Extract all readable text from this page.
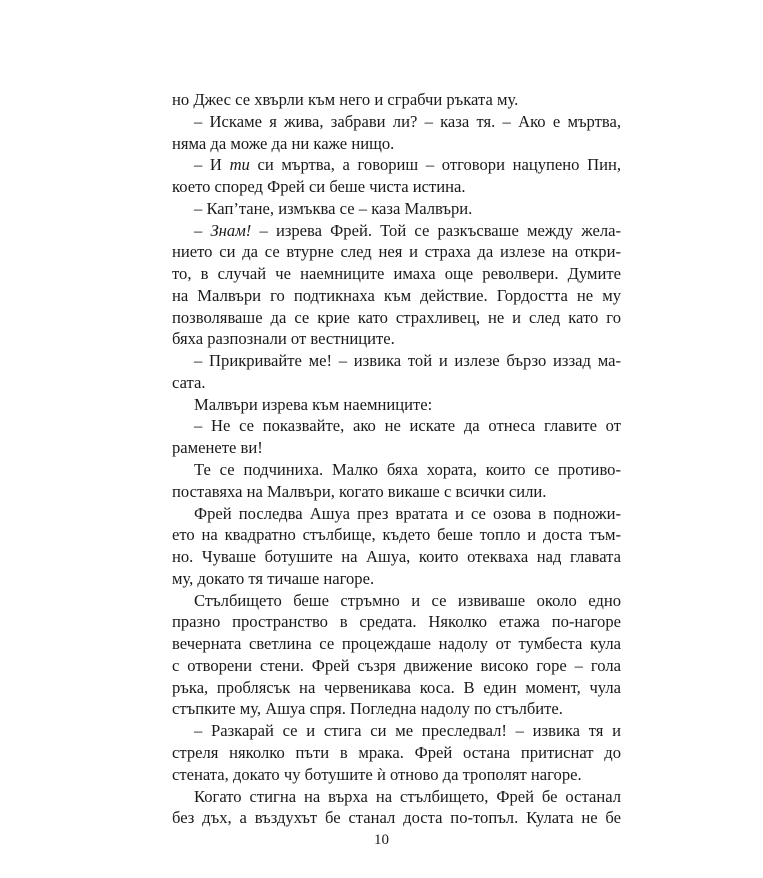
но Джес се хвърли към него и сграбчи ръката му.
– Искаме я жива, забрави ли? – каза тя. – Ако е мъртва,
няма да може да ни каже нищо.
– И ти си мъртва, а говориш – отговори нацупено Пин,
което според Фрей си беше чиста истина.
– Кап’тане, измъква се – каза Малвъри.
– Знам! – изрева Фрей. Той се разкъсваше между жела-
нието си да се втурне след нея и страха да излезе на откри-
то, в случай че наемниците имаха още револвери. Думите
на Малвъри го подтикнаха към действие. Гордостта не му
позволяваше да се крие като страхливец, не и след като го
бяха разпознали от вестниците.
– Прикривайте ме! – извика той и излезе бързо иззад ма-
сата.
Малвъри изрева към наемниците:
– Не се показвайте, ако не искате да отнеса главите от
раменете ви!
Те се подчиниха. Малко бяха хората, които се противо-
поставяха на Малвъри, когато викаше с всички сили.
Фрей последва Ашуа през вратата и се озова в подножи-
ето на квадратно стълбище, където беше топло и доста тъм-
но. Чуваше ботушите на Ашуа, които отекваха над главата
му, докато тя тичаше нагоре.
Стълбището беше стръмно и се извиваше около едно
празно пространство в средата. Няколко етажа по-нагоре
вечерната светлина се процеждаше надолу от тумбеста кула
с отворени стени. Фрей съзря движение високо горе – гола
ръка, проблясък на червеникава коса. В един момент, чула
стъпките му, Ашуа спря. Погледна надолу по стълбите.
– Разкарай се и стига си ме преследвал! – извика тя и
стреля няколко пъти в мрака. Фрей остана притиснат до
стената, докато чу ботушите ѝ отново да трополят нагоре.
Когато стигна на върха на стълбището, Фрей бе останал
без дъх, а въздухът бе станал доста по-топъл. Кулата не бе
10
